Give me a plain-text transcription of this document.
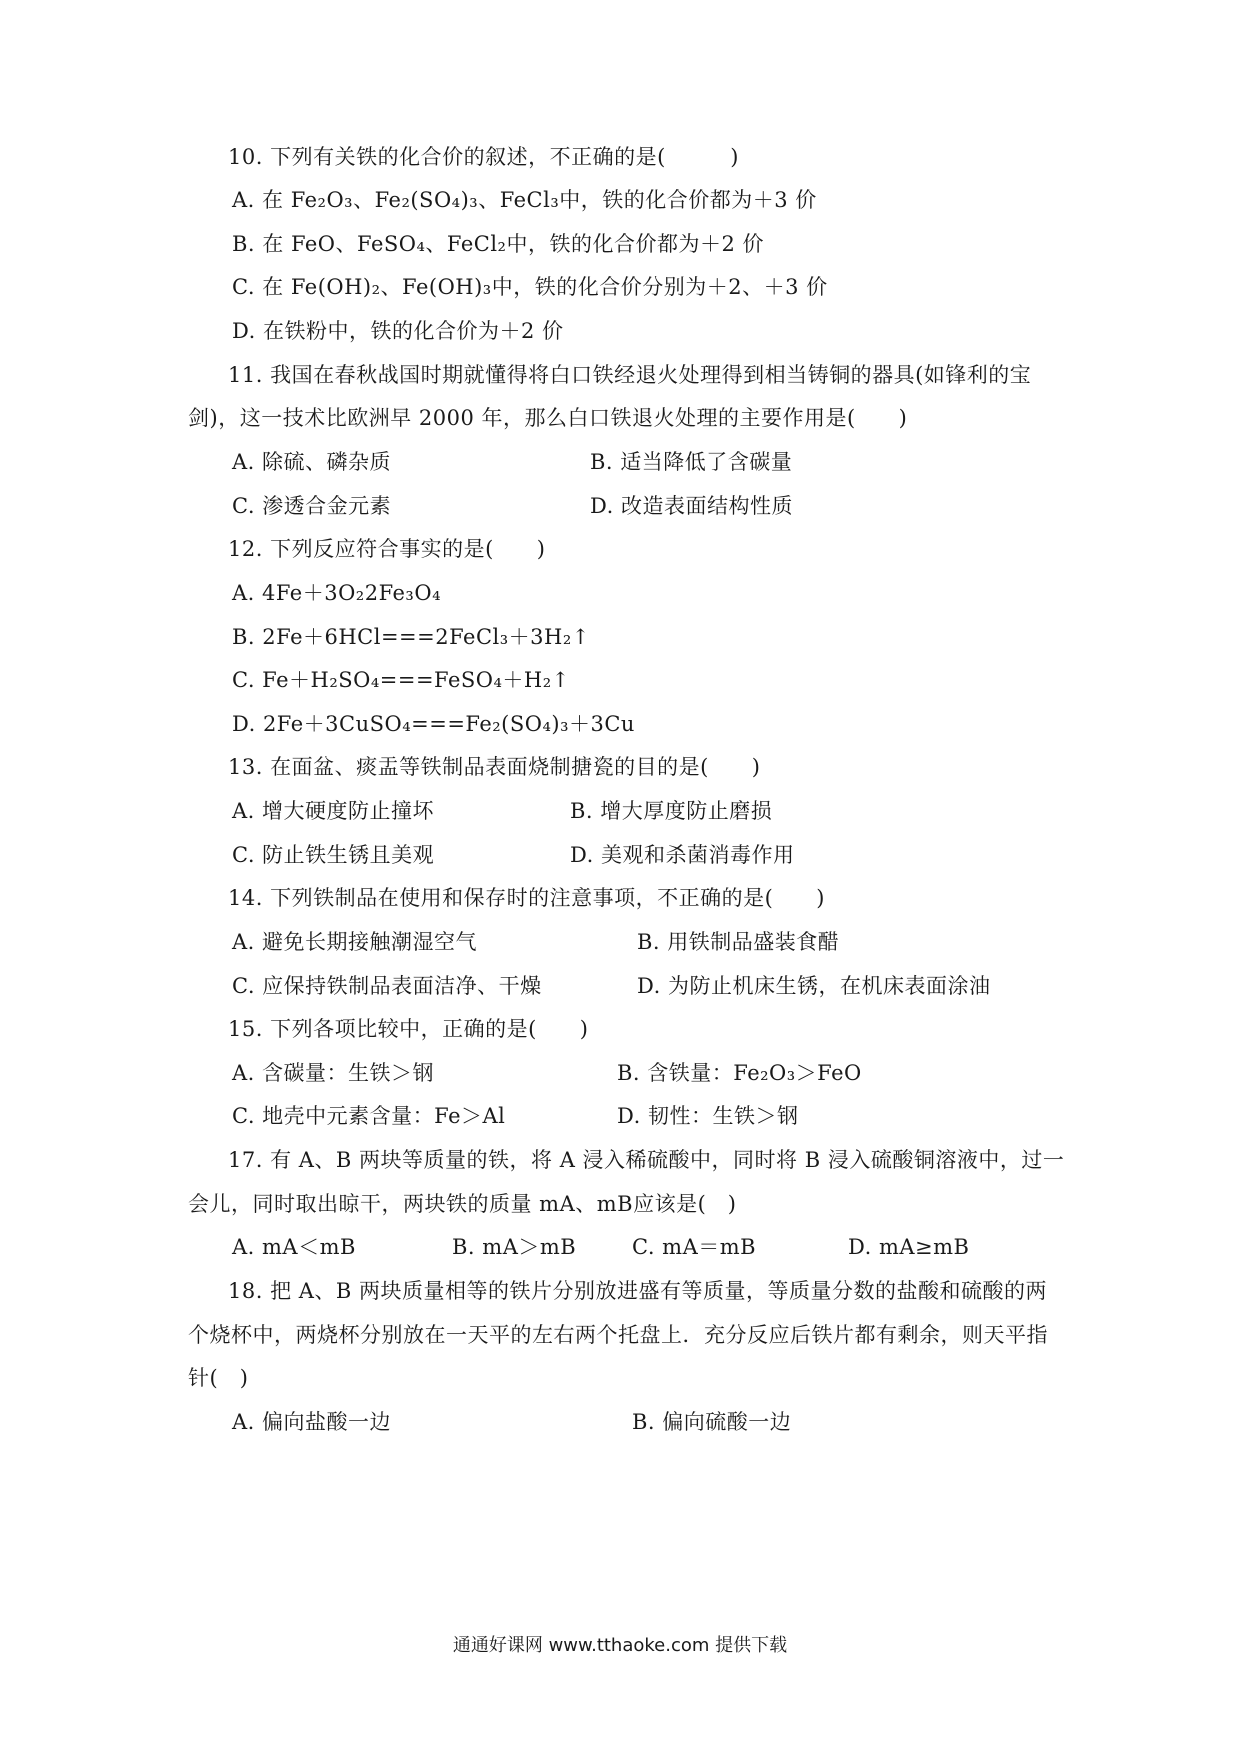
10. 下列有关铁的化合价的叙述，不正确的是(　　　)
A. 在 Fe₂O₃、Fe₂(SO₄)₃、FeCl₃中，铁的化合价都为＋3 价
B. 在 FeO、FeSO₄、FeCl₂中，铁的化合价都为＋2 价
C. 在 Fe(OH)₂、Fe(OH)₃中，铁的化合价分别为＋2、＋3 价
D. 在铁粉中，铁的化合价为＋2 价
11. 我国在春秋战国时期就懂得将白口铁经退火处理得到相当铸铜的器具(如锋利的宝
剑)，这一技术比欧洲早 2000 年，那么白口铁退火处理的主要作用是(　　)
A. 除硫、磷杂质	B. 适当降低了含碳量
C. 渗透合金元素	D. 改造表面结构性质
12. 下列反应符合事实的是(　　)
A. 4Fe＋3O₂2Fe₃O₄
B. 2Fe＋6HCl===2FeCl₃＋3H₂↑
C. Fe＋H₂SO₄===FeSO₄＋H₂↑
D. 2Fe＋3CuSO₄===Fe₂(SO₄)₃＋3Cu
13. 在面盆、痰盂等铁制品表面烧制搪瓷的目的是(　　)
A. 增大硬度防止撞坏	B. 增大厚度防止磨损
C. 防止铁生锈且美观	D. 美观和杀菌消毒作用
14. 下列铁制品在使用和保存时的注意事项，不正确的是(　　)
A. 避免长期接触潮湿空气	B. 用铁制品盛装食醋
C. 应保持铁制品表面洁净、干燥	D. 为防止机床生锈，在机床表面涂油
15. 下列各项比较中，正确的是(　　)
A. 含碳量：生铁＞钢	B. 含铁量：Fe₂O₃＞FeO
C. 地壳中元素含量：Fe＞Al	D. 韧性：生铁＞钢
17. 有 A、B 两块等质量的铁，将 A 浸入稀硫酸中，同时将 B 浸入硫酸铜溶液中，过一
会儿，同时取出晾干，两块铁的质量 mA、mB应该是(　)
A. mA＜mB	B. mA＞mB	C. mA＝mB	D. mA≥mB
18. 把 A、B 两块质量相等的铁片分别放进盛有等质量，等质量分数的盐酸和硫酸的两
个烧杯中，两烧杯分别放在一天平的左右两个托盘上．充分反应后铁片都有剩余，则天平指
针(　)
A. 偏向盐酸一边	B. 偏向硫酸一边
通通好课网 www.tthaoke.com 提供下载
